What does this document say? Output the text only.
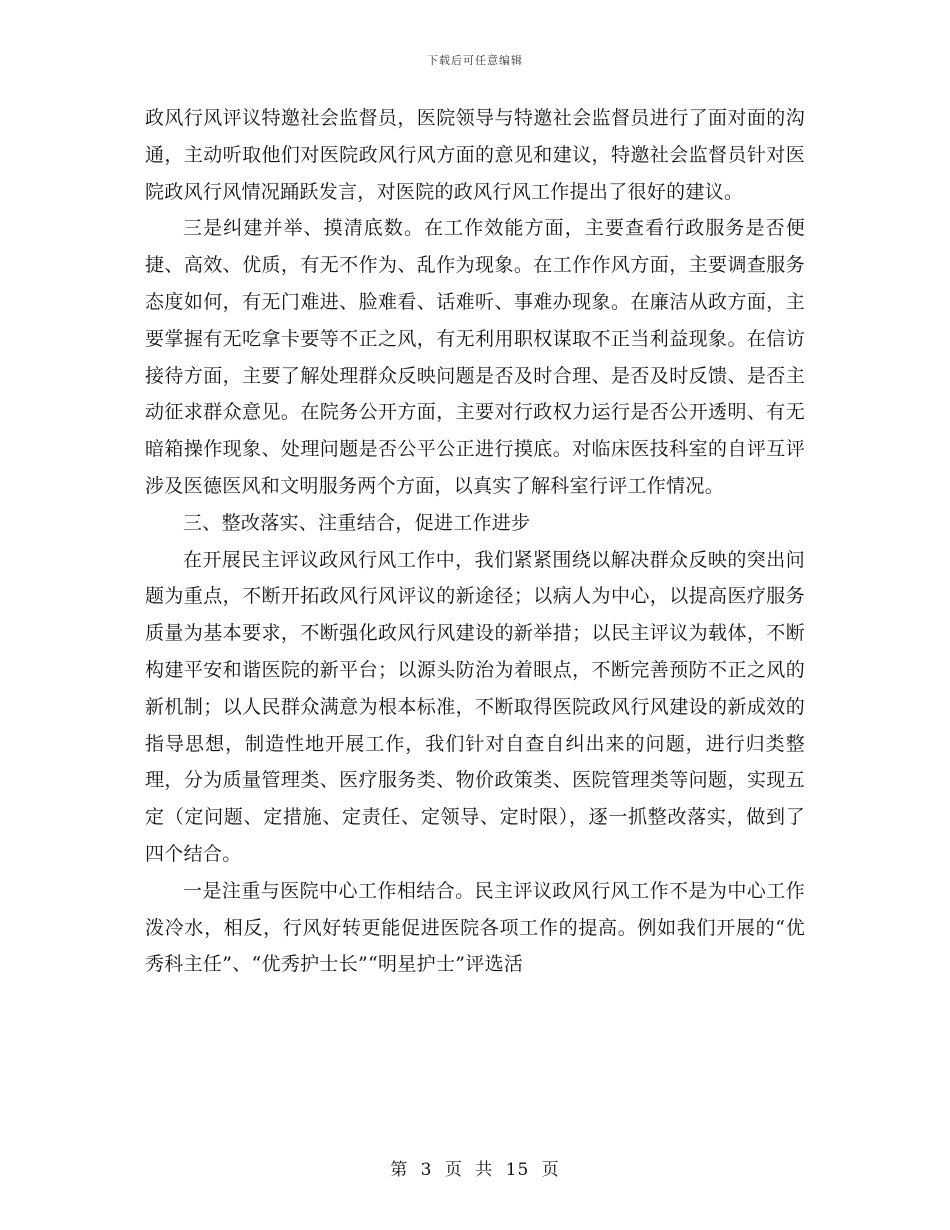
下载后可任意编辑

政风行风评议特邀社会监督员，医院领导与特邀社会监督员进行了面对面的沟通，主动听取他们对医院政风行风方面的意见和建议，特邀社会监督员针对医院政风行风情况踊跃发言，对医院的政风行风工作提出了很好的建议。

三是纠建并举、摸清底数。在工作效能方面，主要查看行政服务是否便捷、高效、优质，有无不作为、乱作为现象。在工作作风方面，主要调查服务态度如何，有无门难进、脸难看、话难听、事难办现象。在廉洁从政方面，主要掌握有无吃拿卡要等不正之风，有无利用职权谋取不正当利益现象。在信访接待方面，主要了解处理群众反映问题是否及时合理、是否及时反馈、是否主动征求群众意见。在院务公开方面，主要对行政权力运行是否公开透明、有无暗箱操作现象、处理问题是否公平公正进行摸底。对临床医技科室的自评互评涉及医德医风和文明服务两个方面，以真实了解科室行评工作情况。

三、整改落实、注重结合，促进工作进步

在开展民主评议政风行风工作中，我们紧紧围绕以解决群众反映的突出问题为重点，不断开拓政风行风评议的新途径；以病人为中心，以提高医疗服务质量为基本要求，不断强化政风行风建设的新举措；以民主评议为载体，不断构建平安和谐医院的新平台；以源头防治为着眼点，不断完善预防不正之风的新机制；以人民群众满意为根本标准，不断取得医院政风行风建设的新成效的指导思想，制造性地开展工作，我们针对自查自纠出来的问题，进行归类整理，分为质量管理类、医疗服务类、物价政策类、医院管理类等问题，实现五定（定问题、定措施、定责任、定领导、定时限），逐一抓整改落实，做到了四个结合。

一是注重与医院中心工作相结合。民主评议政风行风工作不是为中心工作泼冷水，相反，行风好转更能促进医院各项工作的提高。例如我们开展的“优秀科主任”、“优秀护士长”“明星护士”评选活

第 3 页 共 15 页
